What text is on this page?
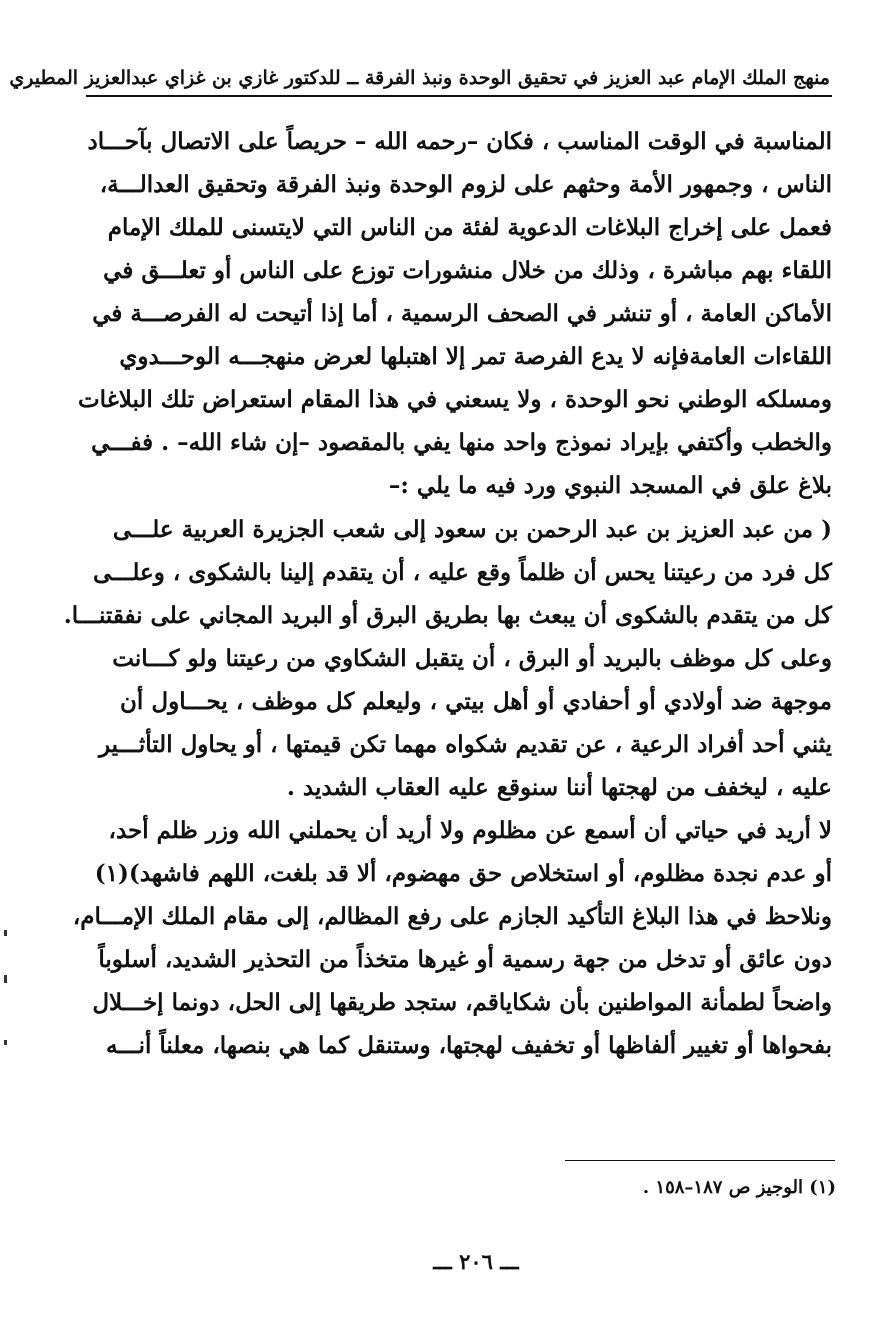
منهج الملك الإمام عبد العزيز في تحقيق الوحدة ونبذ الفرقة ــ للدكتور غازي بن غزاي عبدالعزيز المطيري
المناسبة في الوقت المناسب ، فكان –رحمه الله – حريصاً على الاتصال بآحـــاد
الناس ، وجمهور الأمة وحثهم على لزوم الوحدة ونبذ الفرقة وتحقيق العدالـــة،
فعمل على إخراج البلاغات الدعوية لفئة من الناس التي لايتسنى للملك الإمام
اللقاء بهم مباشرة ، وذلك من خلال منشورات توزع على الناس أو تعلـــق في
الأماكن العامة ، أو تنشر في الصحف الرسمية ، أما إذا أتيحت له الفرصـــة في
اللقاءات العامةفإنه لا يدع الفرصة تمر إلا اهتبلها لعرض منهجـــه الوحـــدوي
ومسلكه الوطني نحو الوحدة ، ولا يسعني في هذا المقام استعراض تلك البلاغات
والخطب وأكتفي بإيراد نموذج واحد منها يفي بالمقصود –إن شاء الله– . ففـــي
بلاغ علق في المسجد النبوي ورد فيه ما يلي :–
( من عبد العزيز بن عبد الرحمن بن سعود إلى شعب الجزيرة العربية علـــى
كل فرد من رعيتنا يحس أن ظلماً وقع عليه ، أن يتقدم إلينا بالشكوى ، وعلـــى
كل من يتقدم بالشكوى أن يبعث بها بطريق البرق أو البريد المجاني على نفقتنـــا.
وعلى كل موظف بالبريد أو البرق ، أن يتقبل الشكاوي من رعيتنا ولو كـــانت
موجهة ضد أولادي أو أحفادي أو أهل بيتي ، وليعلم كل موظف ، يحـــاول أن
يثني أحد أفراد الرعية ، عن تقديم شكواه مهما تكن قيمتها ، أو يحاول التأثـــير
عليه ، ليخفف من لهجتها أننا سنوقع عليه العقاب الشديد .
لا أريد في حياتي أن أسمع عن مظلوم ولا أريد أن يحملني الله وزر ظلم أحد،
أو عدم نجدة مظلوم، أو استخلاص حق مهضوم، ألا قد بلغت، اللهم فاشهد)(١)
ونلاحظ في هذا البلاغ التأكيد الجازم على رفع المظالم، إلى مقام الملك الإمـــام،
دون عائق أو تدخل من جهة رسمية أو غيرها متخذاً من التحذير الشديد، أسلوباً
واضحاً لطمأنة المواطنين بأن شكاياقم، ستجد طريقها إلى الحل، دونما إخـــلال
بفحواها أو تغيير ألفاظها أو تخفيف لهجتها، وستنقل كما هي بنصها، معلناً أنـــه
(١) الوجيز ص ١٨٧–١٥٨ .
ـــ ٢٠٦ ـــ
